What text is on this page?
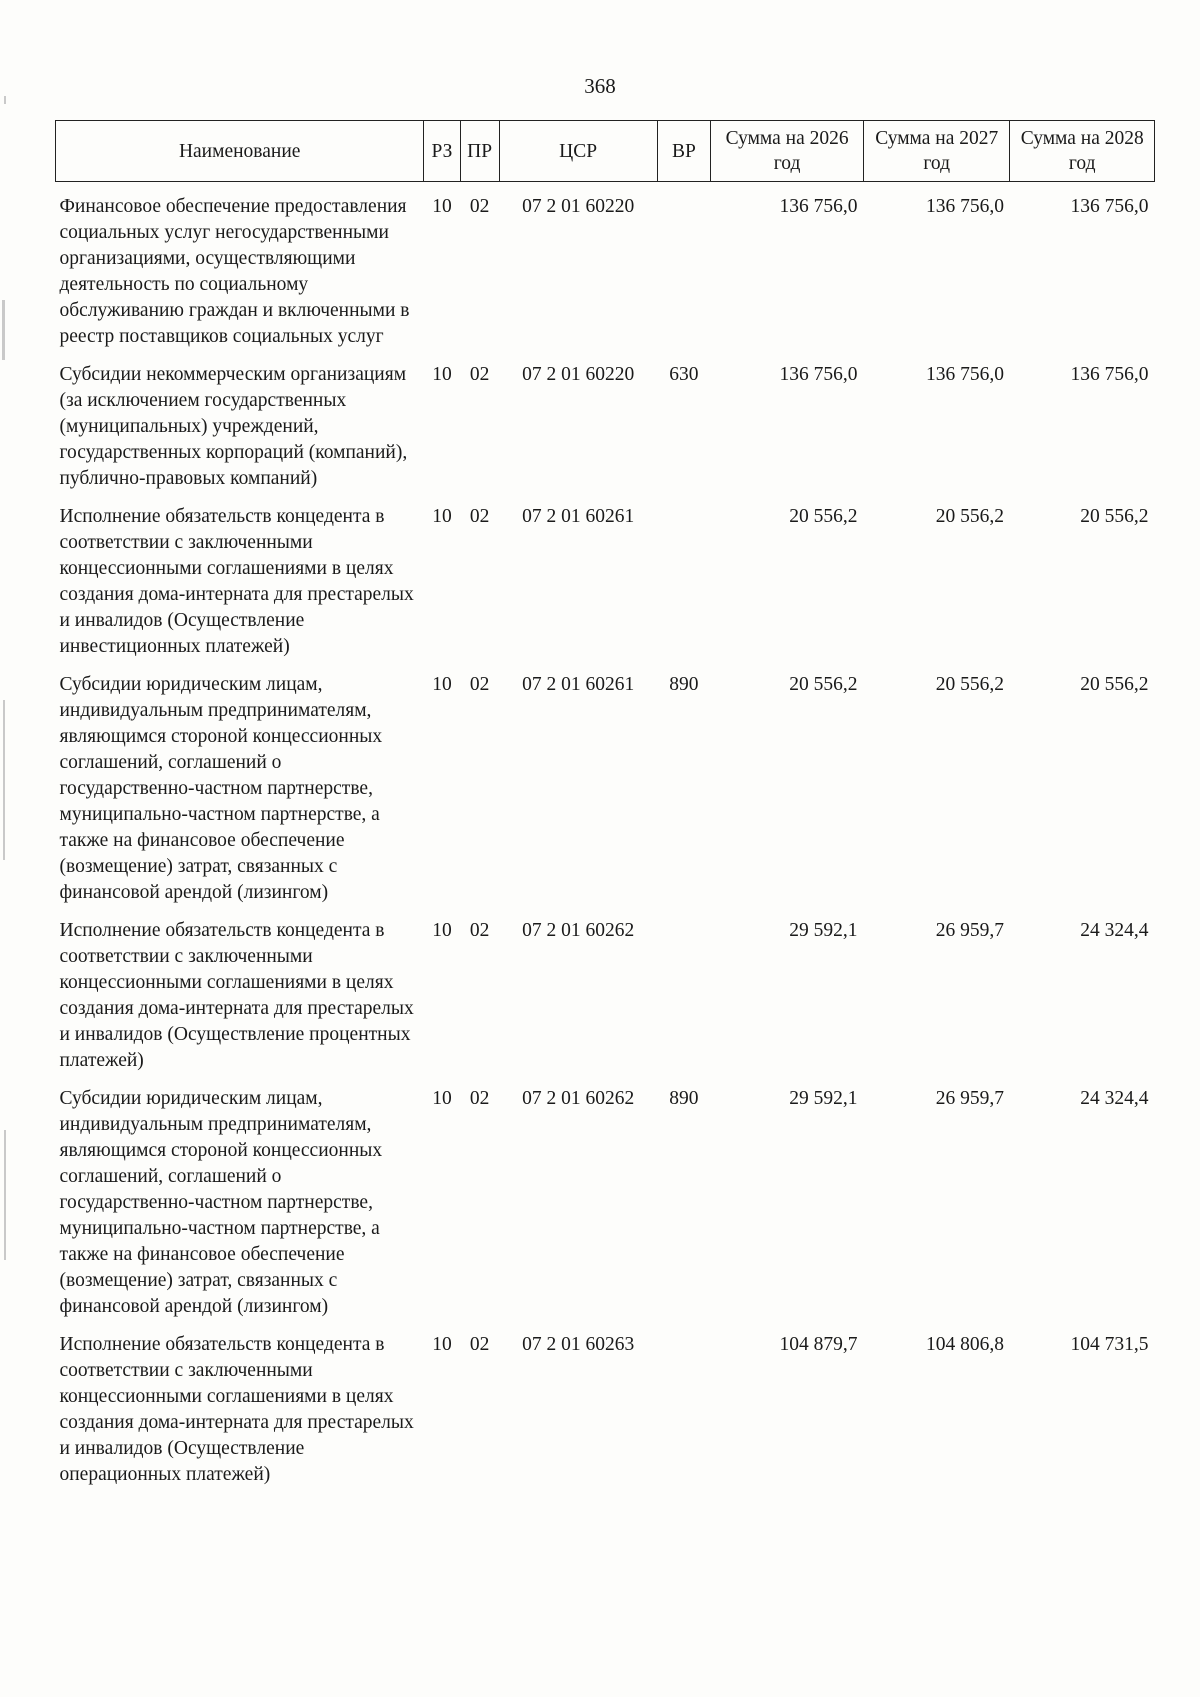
368
Наименование	РЗ	ПР	ЦСР	ВР	Сумма на 2026 год	Сумма на 2027 год	Сумма на 2028 год
Финансовое обеспечение предоставления социальных услуг негосударственными организациями, осуществляющими деятельность по социальному обслуживанию граждан и включенными в реестр поставщиков социальных услуг	10	02	07 2 01 60220		136 756,0	136 756,0	136 756,0
Субсидии некоммерческим организациям (за исключением государственных (муниципальных) учреждений, государственных корпораций (компаний), публично-правовых компаний)	10	02	07 2 01 60220	630	136 756,0	136 756,0	136 756,0
Исполнение обязательств концедента в соответствии с заключенными концессионными соглашениями в целях создания дома-интерната для престарелых и инвалидов (Осуществление инвестиционных платежей)	10	02	07 2 01 60261		20 556,2	20 556,2	20 556,2
Субсидии юридическим лицам, индивидуальным предпринимателям, являющимся стороной концессионных соглашений, соглашений о государственно-частном партнерстве, муниципально-частном партнерстве, а также на финансовое обеспечение (возмещение) затрат, связанных с финансовой арендой (лизингом)	10	02	07 2 01 60261	890	20 556,2	20 556,2	20 556,2
Исполнение обязательств концедента в соответствии с заключенными концессионными соглашениями в целях создания дома-интерната для престарелых и инвалидов (Осуществление процентных платежей)	10	02	07 2 01 60262		29 592,1	26 959,7	24 324,4
Субсидии юридическим лицам, индивидуальным предпринимателям, являющимся стороной концессионных соглашений, соглашений о государственно-частном партнерстве, муниципально-частном партнерстве, а также на финансовое обеспечение (возмещение) затрат, связанных с финансовой арендой (лизингом)	10	02	07 2 01 60262	890	29 592,1	26 959,7	24 324,4
Исполнение обязательств концедента в соответствии с заключенными концессионными соглашениями в целях создания дома-интерната для престарелых и инвалидов (Осуществление операционных платежей)	10	02	07 2 01 60263		104 879,7	104 806,8	104 731,5
